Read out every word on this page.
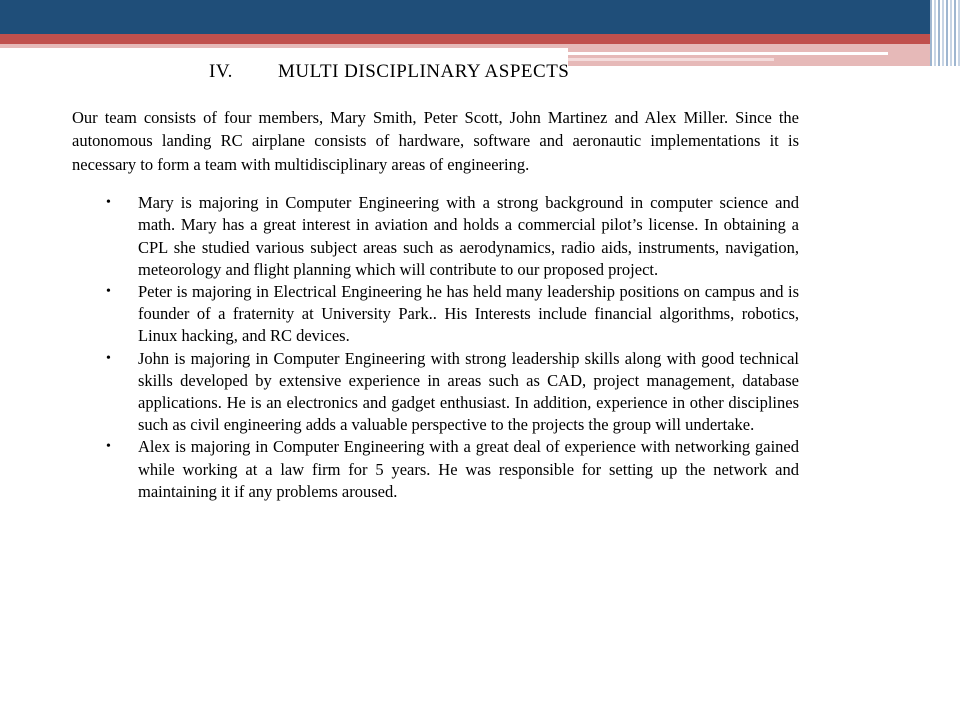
IV. MULTI DISCIPLINARY ASPECTS

Our team consists of four members, Mary Smith, Peter Scott, John Martinez and Alex Miller. Since the autonomous landing RC airplane consists of hardware, software and aeronautic implementations it is necessary to form a team with multidisciplinary areas of engineering.

• Mary is majoring in Computer Engineering with a strong background in computer science and math. Mary has a great interest in aviation and holds a commercial pilot’s license. In obtaining a CPL she studied various subject areas such as aerodynamics, radio aids, instruments, navigation, meteorology and flight planning which will contribute to our proposed project.
• Peter is majoring in Electrical Engineering he has held many leadership positions on campus and is founder of a fraternity at University Park.. His Interests include financial algorithms, robotics, Linux hacking, and RC devices.
• John is majoring in Computer Engineering with strong leadership skills along with good technical skills developed by extensive experience in areas such as CAD, project management, database applications. He is an electronics and gadget enthusiast. In addition, experience in other disciplines such as civil engineering adds a valuable perspective to the projects the group will undertake.
• Alex is majoring in Computer Engineering with a great deal of experience with networking gained while working at a law firm for 5 years. He was responsible for setting up the network and maintaining it if any problems aroused.
